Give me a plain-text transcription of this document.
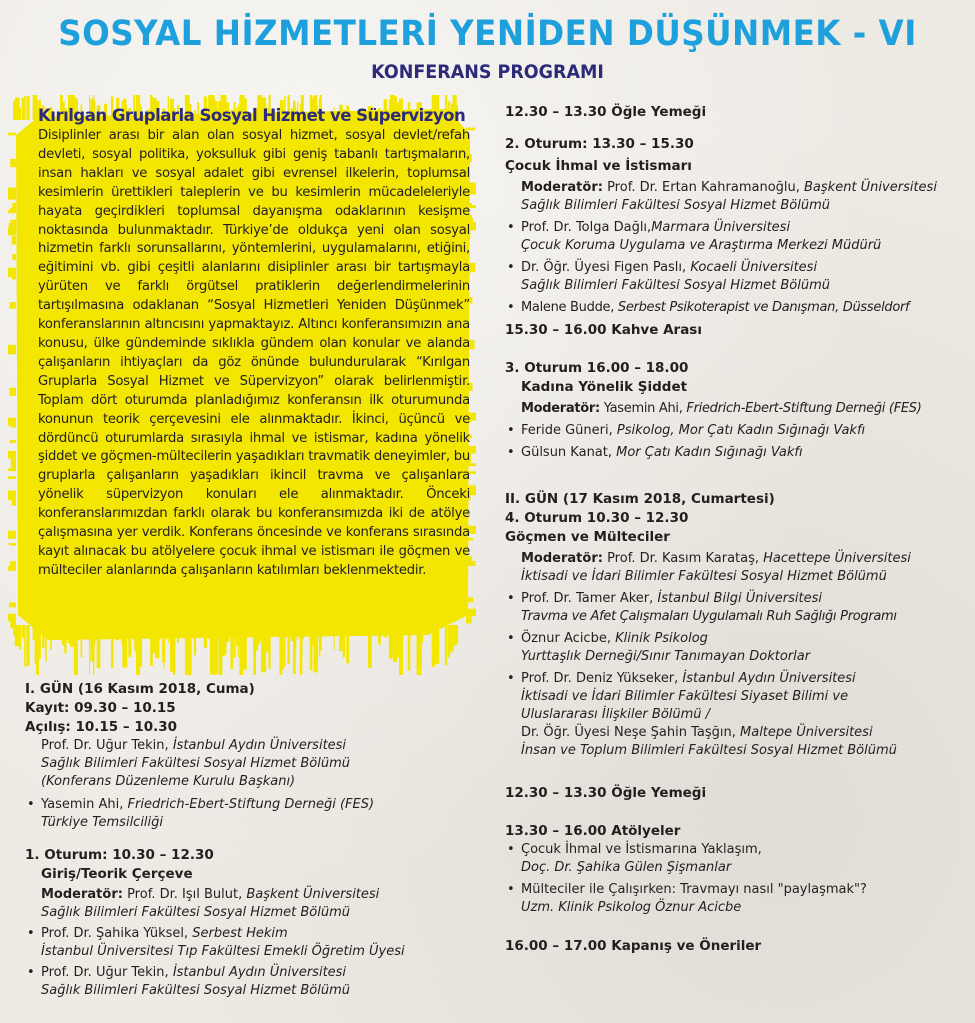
SOSYAL HİZMETLERİ YENİDEN DÜŞÜNMEK - VI
KONFERANS PROGRAMI
Kırılgan Gruplarla Sosyal Hizmet ve Süpervizyon
Disiplinler arası bir alan olan sosyal hizmet, sosyal devlet/refah devleti, sosyal politika, yoksulluk gibi geniş tabanlı tartışmaların, insan hakları ve sosyal adalet gibi evrensel ilkelerin, toplumsal kesimlerin ürettikleri taleplerin ve bu kesimlerin mücadeleleriyle hayata geçirdikleri toplumsal dayanışma odaklarının kesişme noktasında bulunmaktadır. Türkiye’de oldukça yeni olan sosyal hizmetin farklı sorunsallarını, yöntemlerini, uygulamalarını, etiğini, eğitimini vb. gibi çeşitli alanlarını disiplinler arası bir tartışmayla yürüten ve farklı örgütsel pratiklerin değerlendirmelerinin tartışılmasına odaklanan “Sosyal Hizmetleri Yeniden Düşünmek” konferanslarının altıncısını yapmaktayız. Altıncı konferansımızın ana konusu, ülke gündeminde sıklıkla gündem olan konular ve alanda çalışanların ihtiyaçları da göz önünde bulundurularak “Kırılgan Gruplarla Sosyal Hizmet ve Süpervizyon” olarak belirlenmiştir. Toplam dört oturumda planladığımız konferansın ilk oturumunda konunun teorik çerçevesini ele alınmaktadır. İkinci, üçüncü ve dördüncü oturumlarda sırasıyla ihmal ve istismar, kadına yönelik şiddet ve göçmen-mültecilerin yaşadıkları travmatik deneyimler, bu gruplarla çalışanların yaşadıkları ikincil travma ve çalışanlara yönelik süpervizyon konuları ele alınmaktadır. Önceki konferanslarımızdan farklı olarak bu konferansımızda iki de atölye çalışmasına yer verdik. Konferans öncesinde ve konferans sırasında kayıt alınacak bu atölyelere çocuk ihmal ve istismarı ile göçmen ve mülteciler alanlarında çalışanların katılımları beklenmektedir.
I. GÜN (16 Kasım 2018, Cuma)
Kayıt: 09.30 – 10.15
Açılış: 10.15 – 10.30
Prof. Dr. Uğur Tekin, İstanbul Aydın Üniversitesi
Sağlık Bilimleri Fakültesi Sosyal Hizmet Bölümü
(Konferans Düzenleme Kurulu Başkanı)
• Yasemin Ahi, Friedrich-Ebert-Stiftung Derneği (FES)
Türkiye Temsilciliği
1. Oturum: 10.30 – 12.30
Giriş/Teorik Çerçeve
Moderatör: Prof. Dr. Işıl Bulut, Başkent Üniversitesi
Sağlık Bilimleri Fakültesi Sosyal Hizmet Bölümü
• Prof. Dr. Şahika Yüksel, Serbest Hekim
İstanbul Üniversitesi Tıp Fakültesi Emekli Öğretim Üyesi
• Prof. Dr. Uğur Tekin, İstanbul Aydın Üniversitesi
Sağlık Bilimleri Fakültesi Sosyal Hizmet Bölümü
12.30 – 13.30 Öğle Yemeği
2. Oturum: 13.30 – 15.30
Çocuk İhmal ve İstismarı
Moderatör: Prof. Dr. Ertan Kahramanoğlu, Başkent Üniversitesi
Sağlık Bilimleri Fakültesi Sosyal Hizmet Bölümü
• Prof. Dr. Tolga Dağlı,Marmara Üniversitesi
Çocuk Koruma Uygulama ve Araştırma Merkezi Müdürü
• Dr. Öğr. Üyesi Figen Paslı, Kocaeli Üniversitesi
Sağlık Bilimleri Fakültesi Sosyal Hizmet Bölümü
• Malene Budde, Serbest Psikoterapist ve Danışman, Düsseldorf
15.30 – 16.00 Kahve Arası
3. Oturum 16.00 – 18.00
Kadına Yönelik Şiddet
Moderatör: Yasemin Ahi, Friedrich-Ebert-Stiftung Derneği (FES)
• Feride Güneri, Psikolog, Mor Çatı Kadın Sığınağı Vakfı
• Gülsun Kanat, Mor Çatı Kadın Sığınağı Vakfı
II. GÜN (17 Kasım 2018, Cumartesi)
4. Oturum 10.30 – 12.30
Göçmen ve Mülteciler
Moderatör: Prof. Dr. Kasım Karataş, Hacettepe Üniversitesi
İktisadi ve İdari Bilimler Fakültesi Sosyal Hizmet Bölümü
• Prof. Dr. Tamer Aker, İstanbul Bilgi Üniversitesi
Travma ve Afet Çalışmaları Uygulamalı Ruh Sağlığı Programı
• Öznur Acicbe, Klinik Psikolog
Yurttaşlık Derneği/Sınır Tanımayan Doktorlar
• Prof. Dr. Deniz Yükseker, İstanbul Aydın Üniversitesi
İktisadi ve İdari Bilimler Fakültesi Siyaset Bilimi ve
Uluslararası İlişkiler Bölümü /
Dr. Öğr. Üyesi Neşe Şahin Taşğın, Maltepe Üniversitesi
İnsan ve Toplum Bilimleri Fakültesi Sosyal Hizmet Bölümü
12.30 – 13.30 Öğle Yemeği
13.30 – 16.00 Atölyeler
• Çocuk İhmal ve İstismarına Yaklaşım,
Doç. Dr. Şahika Gülen Şişmanlar
• Mülteciler ile Çalışırken: Travmayı nasıl "paylaşmak"?
Uzm. Klinik Psikolog Öznur Acicbe
16.00 – 17.00 Kapanış ve Öneriler
